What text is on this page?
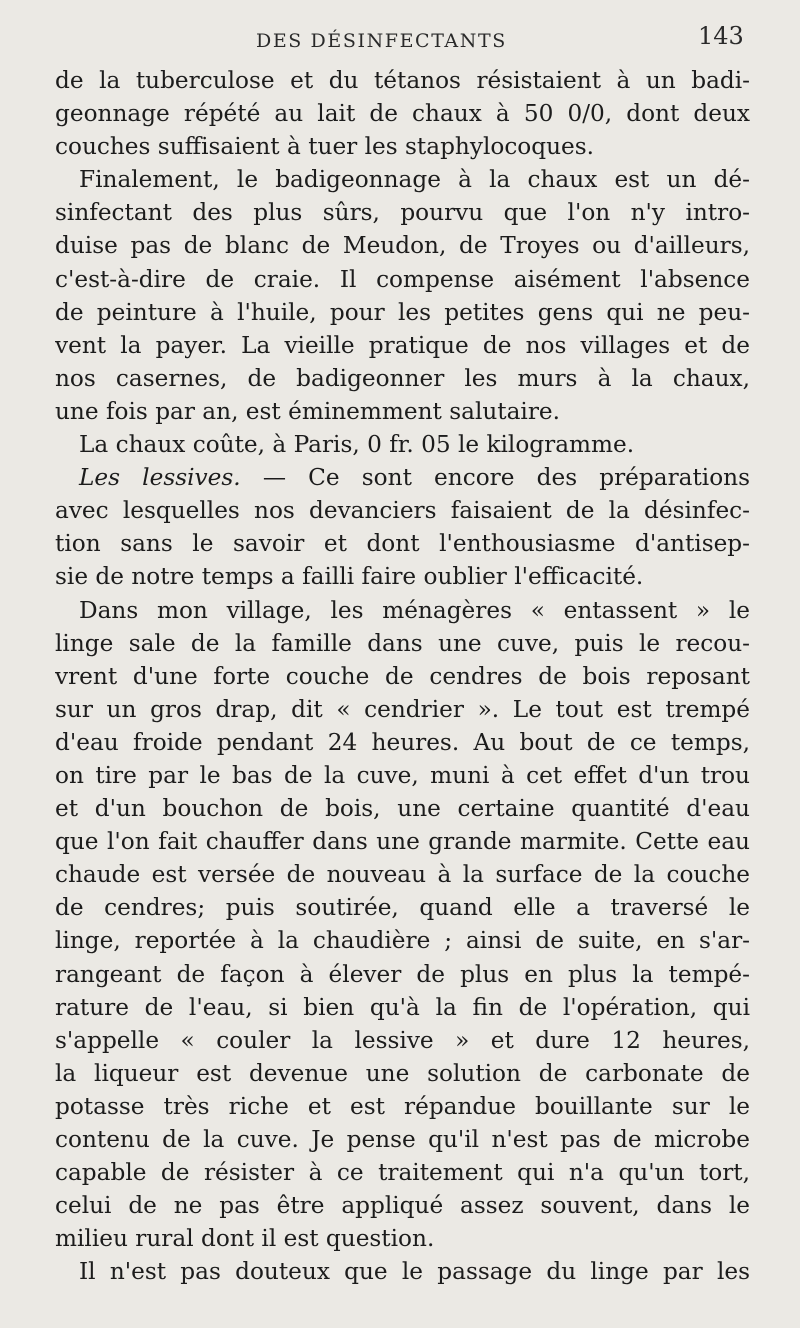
DES DÉSINFECTANTS	143
de la tuberculose et du tétanos résistaient à un badi-
geonnage répété au lait de chaux à 50 0/0, dont deux
couches suffisaient à tuer les staphylocoques.
Finalement, le badigeonnage à la chaux est un dé-
sinfectant des plus sûrs, pourvu que l'on n'y intro-
duise pas de blanc de Meudon, de Troyes ou d'ailleurs,
c'est-à-dire de craie. Il compense aisément l'absence
de peinture à l'huile, pour les petites gens qui ne peu-
vent la payer. La vieille pratique de nos villages et de
nos casernes, de badigeonner les murs à la chaux,
une fois par an, est éminemment salutaire.
La chaux coûte, à Paris, 0 fr. 05 le kilogramme.
Les lessives. — Ce sont encore des préparations
avec lesquelles nos devanciers faisaient de la désinfec-
tion sans le savoir et dont l'enthousiasme d'antisep-
sie de notre temps a failli faire oublier l'efficacité.
Dans mon village, les ménagères « entassent » le
linge sale de la famille dans une cuve, puis le recou-
vrent d'une forte couche de cendres de bois reposant
sur un gros drap, dit « cendrier ». Le tout est trempé
d'eau froide pendant 24 heures. Au bout de ce temps,
on tire par le bas de la cuve, muni à cet effet d'un trou
et d'un bouchon de bois, une certaine quantité d'eau
que l'on fait chauffer dans une grande marmite. Cette eau
chaude est versée de nouveau à la surface de la couche
de cendres; puis soutirée, quand elle a traversé le
linge, reportée à la chaudière ; ainsi de suite, en s'ar-
rangeant de façon à élever de plus en plus la tempé-
rature de l'eau, si bien qu'à la fin de l'opération, qui
s'appelle « couler la lessive » et dure 12 heures,
la liqueur est devenue une solution de carbonate de
potasse très riche et est répandue bouillante sur le
contenu de la cuve. Je pense qu'il n'est pas de microbe
capable de résister à ce traitement qui n'a qu'un tort,
celui de ne pas être appliqué assez souvent, dans le
milieu rural dont il est question.
Il n'est pas douteux que le passage du linge par les
